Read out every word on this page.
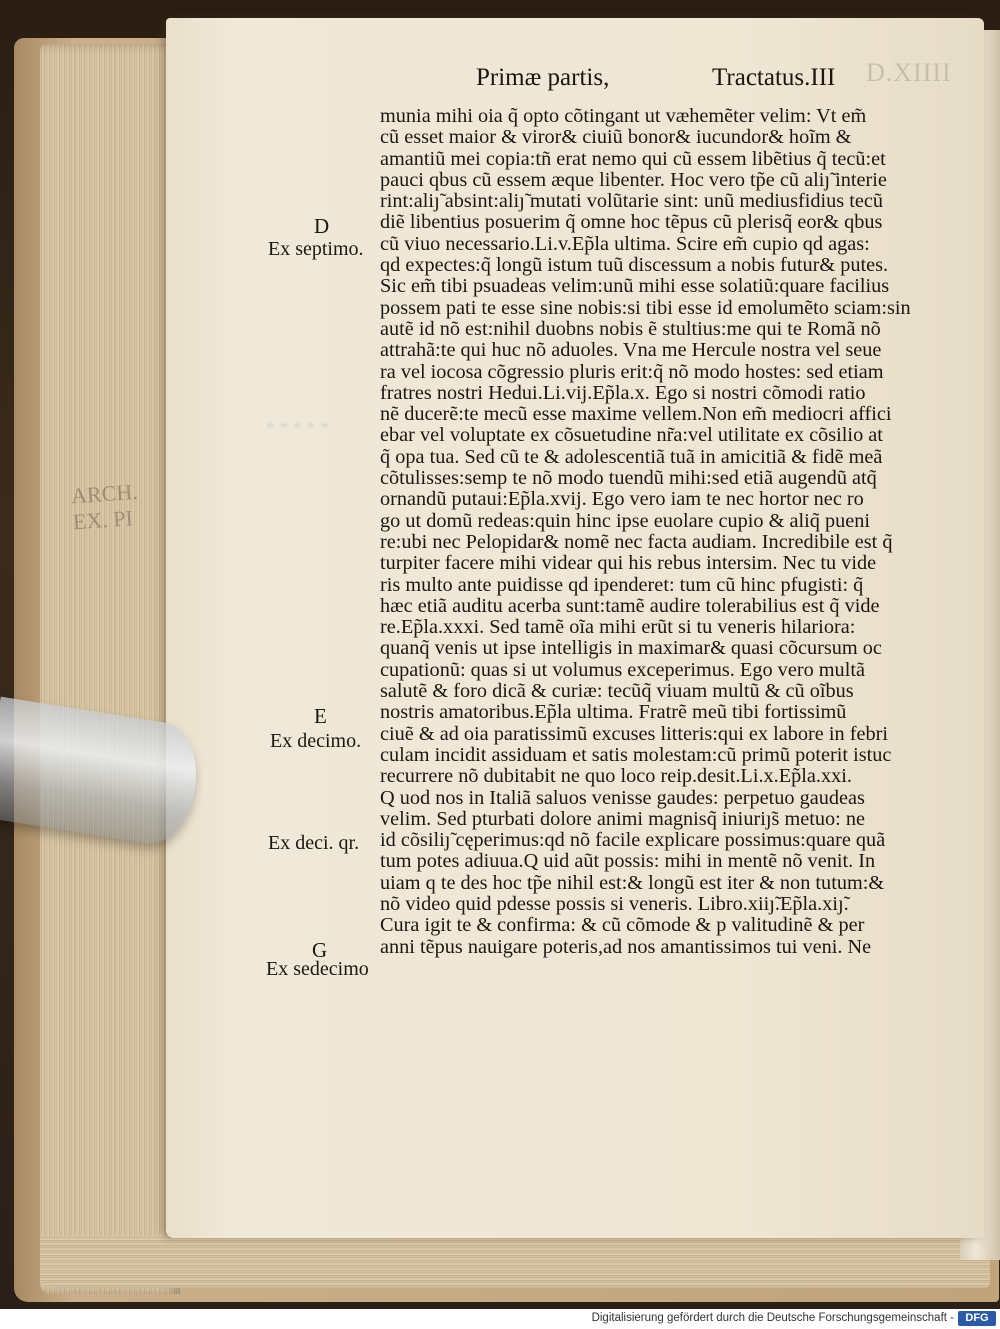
ARCH.
EX. PI
* * * * *
Primæ partis,	Tractatus.III
munia mihi oia q̃ opto cõtingant ut væhemẽter velim: Vt em̃
cũ esset maior & viror& ciuiũ bonor& iucundor& hoĩm &
amantiũ mei copia:tñ erat nemo qui cũ essem libẽtius q̃ tecũ:et
pauci qbus cũ essem æque libenter. Hoc vero tp̃e cũ aliȷ̃ interie
rint:aliȷ̃ absint:aliȷ̃ mutati volũtarie sint: unũ mediusfidius tecũ
diẽ libentius posuerim q̃ omne hoc tẽpus cũ plerisq̃ eor& qbus
cũ viuo necessario.Li.v.Ep̃la ultima. Scire em̃ cupio qd agas:
qd expectes:q̃ longũ istum tuũ discessum a nobis futur& putes.
Sic em̃ tibi psuadeas velim:unũ mihi esse solatiũ:quare facilius
possem pati te esse sine nobis:si tibi esse id emolumẽto sciam:sin
autẽ id nõ est:nihil duobns nobis ẽ stultius:me qui te Romã nõ
attrahã:te qui huc nõ aduoles. Vna me Hercule nostra vel seue
ra vel iocosa cõgressio pluris erit:q̃ nõ modo hostes: sed etiam
fratres nostri Hedui.Li.vij.Ep̃la.x. Ego si nostri cõmodi ratio
nẽ ducerẽ:te mecũ esse maxime vellem.Non em̃ mediocri affici
ebar vel voluptate ex cõsuetudine nr̃a:vel utilitate ex cõsilio at
q̃ opa tua. Sed cũ te & adolescentiã tuã in amicitiã & fidẽ meã
cõtulisses:semp te nõ modo tuendũ mihi:sed etiã augendũ atq̃
ornandũ putaui:Ep̃la.xvij. Ego vero iam te nec hortor nec ro
go ut domũ redeas:quin hinc ipse euolare cupio & aliq̃ pueni
re:ubi nec Pelopidar& nomẽ nec facta audiam. Incredibile est q̃
turpiter facere mihi videar qui his rebus intersim. Nec tu vide
ris multo ante puidisse qd ipenderet: tum cũ hinc pfugisti: q̃
hæc etiã auditu acerba sunt:tamẽ audire tolerabilius est q̃ vide
re.Ep̃la.xxxi. Sed tamẽ oĩa mihi erũt si tu veneris hilariora:
quanq̃ venis ut ipse intelligis in maximar& quasi cõcursum oc
cupationũ: quas si ut volumus exceperimus. Ego vero multã
salutẽ & foro dicã & curiæ: tecũq̃ viuam multũ & cũ oĩbus
nostris amatoribus.Ep̃la ultima. Fratrẽ meũ tibi fortissimũ
ciuẽ & ad oia paratissimũ excuses litteris:qui ex labore in febri
culam incidit assiduam et satis molestam:cũ primũ poterit istuc
recurrere nõ dubitabit ne quo loco reip.desit.Li.x.Ep̃la.xxi.
Q uod nos in Italiã saluos venisse gaudes: perpetuo gaudeas
velim. Sed pturbati dolore animi magnisq̃ iniuriȷ̃s metuo: ne
id cõsiliȷ̃ cęperimus:qd̃ nõ facile explicare possimus:quare quã
tum potes adiuua.Q uid aũt possis: mihi in mentẽ nõ venit. In
uiam q te des hoc tp̃e nihil est:& longũ est iter & non tutum:&
nõ video quid pdesse possis si veneris. Libro.xiiȷ̃.Ep̃la.xiȷ̃.
Cura igit te & confirma: & cũ cõmode & p valitudinẽ & per
anni tẽpus nauigare poteris,ad nos amantissimos tui veni. Ne
D
Ex septimo.
E
Ex decimo.
Ex deci. qr.
G
Ex sedecimo
D.XIIII
Digitalisierung gefördert durch die Deutsche Forschungsgemeinschaft -	DFG
